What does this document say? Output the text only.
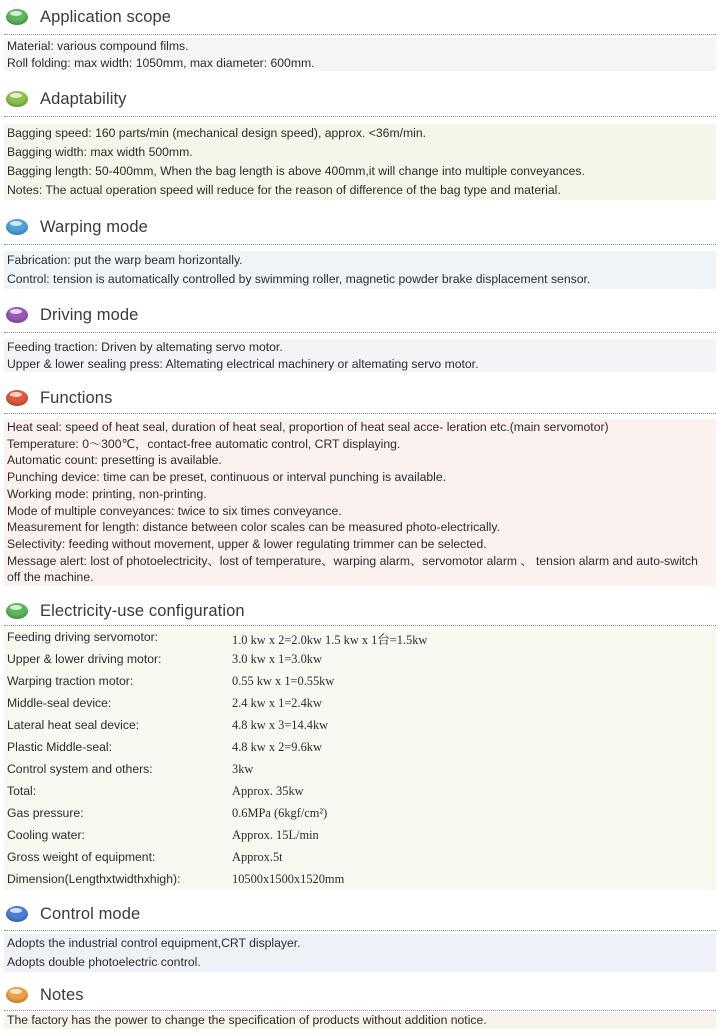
Application scope
Material: various compound films.
Roll folding: max width: 1050mm, max diameter: 600mm.
Adaptability
Bagging speed: 160 parts/min (mechanical design speed), approx. <36m/min.
Bagging width: max width 500mm.
Bagging length: 50-400mm, When the bag length is above 400mm,it will change into multiple conveyances.
Notes: The actual operation speed will reduce for the reason of difference of the bag type and material.
Warping mode
Fabrication: put the warp beam horizontally.
Control: tension is automatically controlled by swimming roller, magnetic powder brake displacement sensor.
Driving mode
Feeding traction: Driven by altemating servo motor.
Upper & lower sealing press: Altemating electrical machinery or altemating servo motor.
Functions
Heat seal: speed of heat seal, duration of heat seal, proportion of heat seal acce- leration etc.(main servomotor)
Temperature: 0～300℃，contact-free automatic control, CRT displaying.
Automatic count: presetting is available.
Punching device: time can be preset, continuous or interval punching is available.
Working mode: printing, non-printing.
Mode of multiple conveyances: twice to six times conveyance.
Measurement for length: distance between color scales can be measured photo-electrically.
Selectivity: feeding without movement, upper & lower regulating trimmer can be selected.
Message alert: lost of photoelectricity、lost of temperature、warping alarm、servomotor alarm 、 tension alarm and auto-switch off the machine.
Electricity-use configuration
Feeding driving servomotor:	1.0 kw x 2=2.0kw 1.5 kw x 1台=1.5kw
Upper & lower driving motor:	3.0 kw x 1=3.0kw
Warping traction motor:	0.55 kw x 1=0.55kw
Middle-seal device:	2.4 kw x 1=2.4kw
Lateral heat seal device:	4.8 kw x 3=14.4kw
Plastic Middle-seal:	4.8 kw x 2=9.6kw
Control system and others:	3kw
Total:	Approx. 35kw
Gas pressure:	0.6MPa (6kgf/cm²)
Cooling water:	Approx. 15L/min
Gross weight of equipment:	Approx.5t
Dimension(Lengthxtwidthxhigh):	10500x1500x1520mm
Control mode
Adopts the industrial control equipment,CRT displayer.
Adopts double photoelectric control.
Notes
The factory has the power to change the specification of products without addition notice.
